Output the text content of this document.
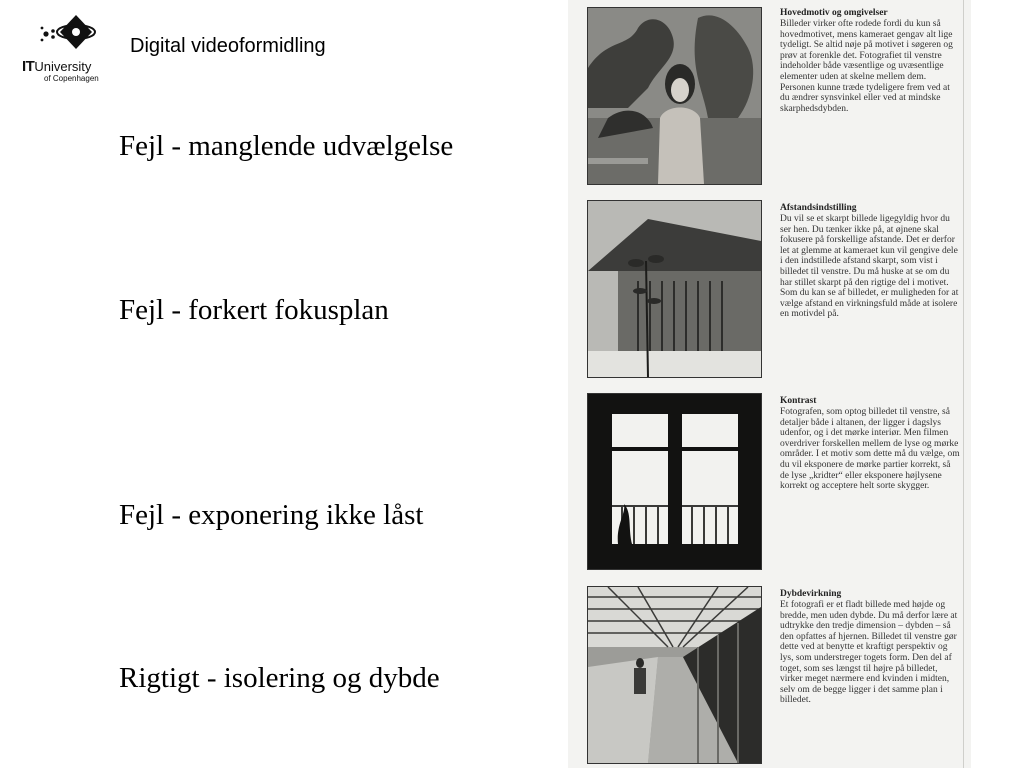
ITUniversity
of Copenhagen
Digital videoformidling
Fejl - manglende udvælgelse
Fejl - forkert fokusplan
Fejl - exponering ikke låst
Rigtigt - isolering og dybde
Hovedmotiv og omgivelser
Billeder virker ofte rodede fordi du kun så hovedmotivet, mens kameraet gengav alt lige tydeligt. Se altid nøje på motivet i søgeren og prøv at forenkle det. Fotografiet til venstre indeholder både væsentlige og uvæsentlige elementer uden at skelne mellem dem. Personen kunne træde tydeligere frem ved at du ændrer synsvinkel eller ved at mindske skarphedsdybden.
Afstandsindstilling
Du vil se et skarpt billede ligegyldig hvor du ser hen. Du tænker ikke på, at øjnene skal fokusere på forskellige afstande. Det er derfor let at glemme at kameraet kun vil gengive dele i den indstillede afstand skarpt, som vist i billedet til venstre. Du må huske at se om du har stillet skarpt på den rigtige del i motivet. Som du kan se af billedet, er muligheden for at vælge afstand en virkningsfuld måde at isolere en motivdel på.
Kontrast
Fotografen, som optog billedet til venstre, så detaljer både i altanen, der ligger i dagslys udenfor, og i det mørke interiør. Men filmen overdriver forskellen mellem de lyse og mørke områder. I et motiv som dette må du vælge, om du vil eksponere de mørke partier korrekt, så de lyse „kridter“ eller eksponere højlysene korrekt og acceptere helt sorte skygger.
Dybdevirkning
Et fotografi er et fladt billede med højde og bredde, men uden dybde. Du må derfor lære at udtrykke den tredje dimension – dybden – så den opfattes af hjernen. Billedet til venstre gør dette ved at benytte et kraftigt perspektiv og lys, som understreger togets form. Den del af toget, som ses længst til højre på billedet, virker meget nærmere end kvinden i midten, selv om de begge ligger i det samme plan i billedet.
